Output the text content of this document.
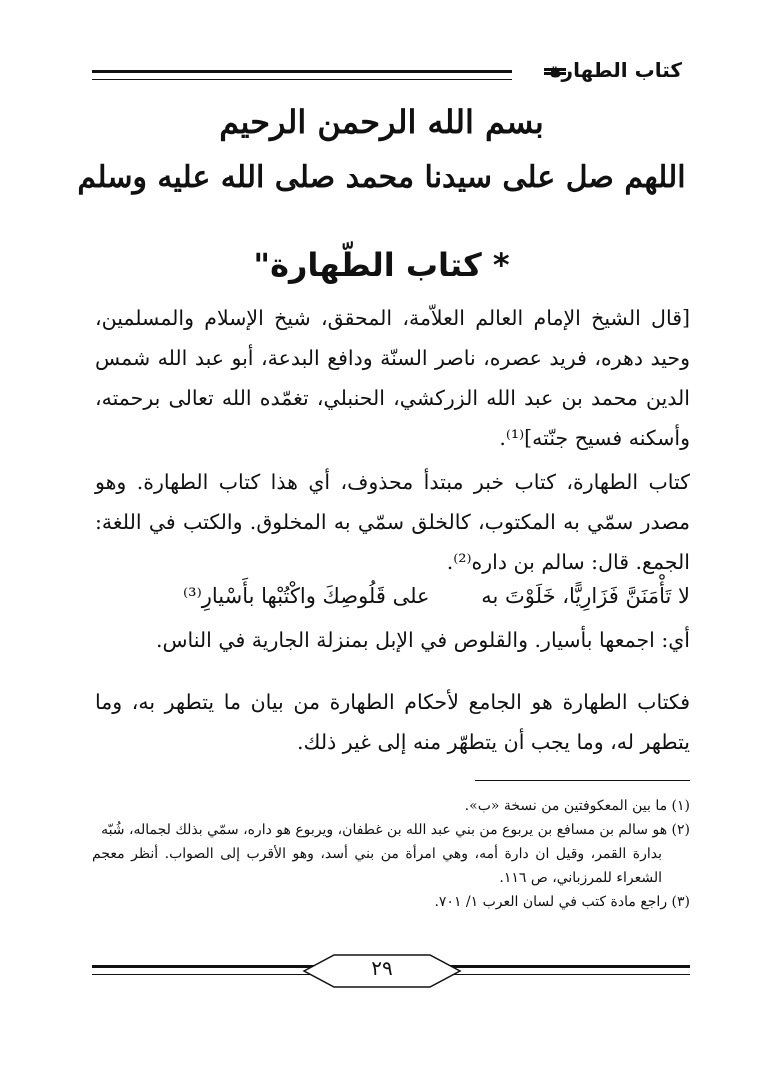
كتاب الطهارة
بسم الله الرحمن الرحيم
اللهم صل على سيدنا محمد صلى الله عليه وسلم
* كتاب الطّهارة"
[قال الشيخ الإمام العالم العلاّمة، المحقق، شيخ الإسلام والمسلمين، وحيد دهره، فريد عصره، ناصر السنّة ودافع البدعة، أبو عبد الله شمس الدين محمد بن عبد الله الزركشي، الحنبلي، تغمّده الله تعالى برحمته، وأسكنه فسيح جنّته]⁽¹⁾.
كتاب الطهارة، كتاب خبر مبتدأ محذوف، أي هذا كتاب الطهارة. وهو مصدر سمّي به المكتوب، كالخلق سمّي به المخلوق. والكتب في اللغة: الجمع. قال: سالم بن داره⁽²⁾.
لا تَأْمَنَنَّ فَزَارِيًّا، خَلَوْتَ به
على قَلُوصِكَ واكْتُبْها بأَسْيارِ⁽³⁾
أي: اجمعها بأسيار. والقلوص في الإبل بمنزلة الجارية في الناس.
فكتاب الطهارة هو الجامع لأحكام الطهارة من بيان ما يتطهر به، وما يتطهر له، وما يجب أن يتطهّر منه إلى غير ذلك.

(١) ما بين المعكوفتين من نسخة «ب».

(٢) هو سالم بن مسافع بن يربوع من بني عبد الله بن غطفان، ويربوع هو داره، سمّي بذلك لجماله، شُبّه

بدارة القمر، وقيل ان دارة أمه، وهي امرأة من بني أسد، وهو الأقرب إلى الصواب. أنظر معجم الشعراء للمرزباني، ص ١١٦.

(٣) راجع مادة كتب في لسان العرب ١/ ٧٠١.

٢٩
